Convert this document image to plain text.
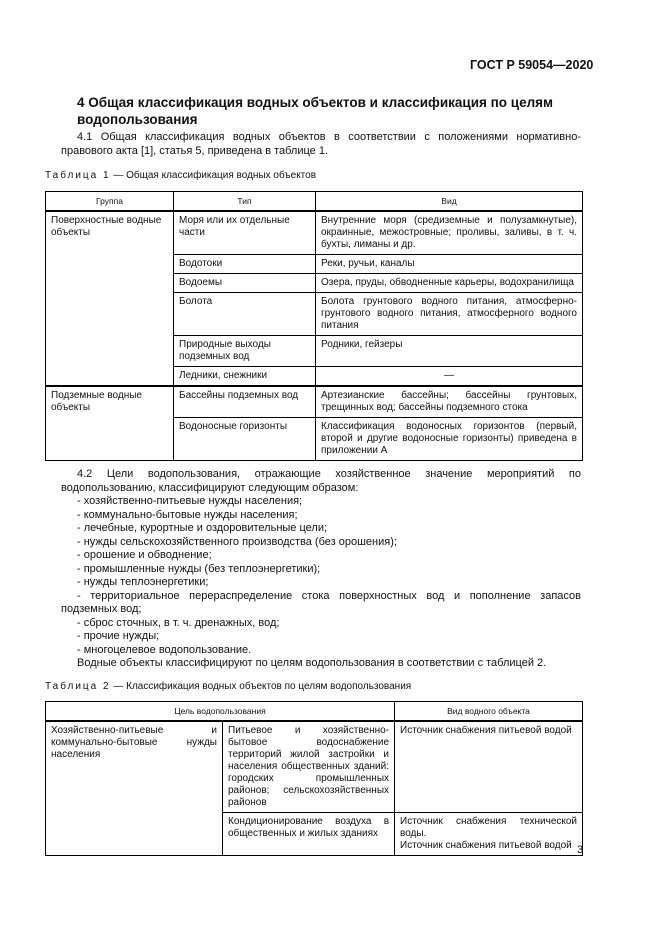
ГОСТ Р 59054—2020
4 Общая классификация водных объектов и классификация по целям водопользования
4.1 Общая классификация водных объектов в соответствии с положениями нормативно-правового акта [1], статья 5, приведена в таблице 1.
Таблица 1 — Общая классификация водных объектов
Группа	Тип	Вид
Поверхностные водные объекты	Моря или их отдельные части	Внутренние моря (средиземные и полузамкнутые), окраинные, межостровные; проливы, заливы, в т. ч. бухты, лиманы и др.
	Водотоки	Реки, ручьи, каналы
	Водоемы	Озера, пруды, обводненные карьеры, водохранилища
	Болота	Болота грунтового водного питания, атмосферно-грунтового водного питания, атмосферного водного питания
	Природные выходы подземных вод	Родники, гейзеры
	Ледники, снежники	—
Подземные водные объекты	Бассейны подземных вод	Артезианские бассейны; бассейны грунтовых, трещинных вод; бассейны подземного стока
	Водоносные горизонты	Классификация водоносных горизонтов (первый, второй и другие водоносные горизонты) приведена в приложении А
4.2 Цели водопользования, отражающие хозяйственное значение мероприятий по водопользованию, классифицируют следующим образом:
- хозяйственно-питьевые нужды населения;
- коммунально-бытовые нужды населения;
- лечебные, курортные и оздоровительные цели;
- нужды сельскохозяйственного производства (без орошения);
- орошение и обводнение;
- промышленные нужды (без теплоэнергетики);
- нужды теплоэнергетики;
- территориальное перераспределение стока поверхностных вод и пополнение запасов подземных вод;
- сброс сточных, в т. ч. дренажных, вод;
- прочие нужды;
- многоцелевое водопользование.
Водные объекты классифицируют по целям водопользования в соответствии с таблицей 2.
Таблица 2 — Классификация водных объектов по целям водопользования
Цель водопользования		Вид водного объекта
Хозяйственно-питьевые и коммунально-бытовые нужды населения	Питьевое и хозяйственно-бытовое водоснабжение территорий жилой застройки и населения общественных зданий: городских промышленных районов; сельскохозяйственных районов	Источник снабжения питьевой водой
	Кондиционирование воздуха в общественных и жилых зданиях	Источник снабжения технической воды.
Источник снабжения питьевой водой 3
